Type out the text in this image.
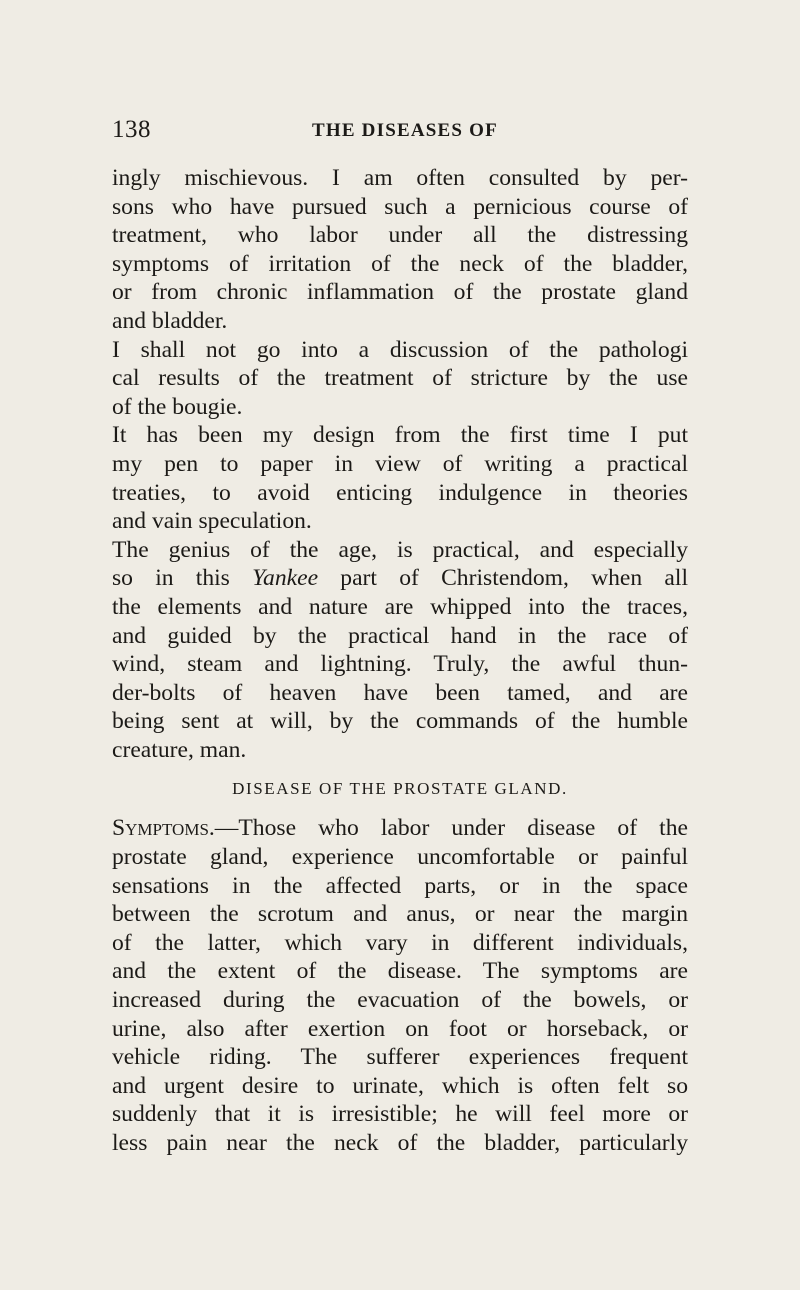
138	THE DISEASES OF
ingly mischievous. I am often consulted by per-
sons who have pursued such a pernicious course of
treatment, who labor under all the distressing
symptoms of irritation of the neck of the bladder,
or from chronic inflammation of the prostate gland
and bladder.
I shall not go into a discussion of the pathologi
cal results of the treatment of stricture by the use
of the bougie.
It has been my design from the first time I put
my pen to paper in view of writing a practical
treaties, to avoid enticing indulgence in theories
and vain speculation.
The genius of the age, is practical, and especially
so in this Yankee part of Christendom, when all
the elements and nature are whipped into the traces,
and guided by the practical hand in the race of
wind, steam and lightning. Truly, the awful thun-
der-bolts of heaven have been tamed, and are
being sent at will, by the commands of the humble
creature, man.
DISEASE OF THE PROSTATE GLAND.
Symptoms.—Those who labor under disease of the
prostate gland, experience uncomfortable or painful
sensations in the affected parts, or in the space
between the scrotum and anus, or near the margin
of the latter, which vary in different individuals,
and the extent of the disease. The symptoms are
increased during the evacuation of the bowels, or
urine, also after exertion on foot or horseback, or
vehicle riding. The sufferer experiences frequent
and urgent desire to urinate, which is often felt so
suddenly that it is irresistible; he will feel more or
less pain near the neck of the bladder, particularly
